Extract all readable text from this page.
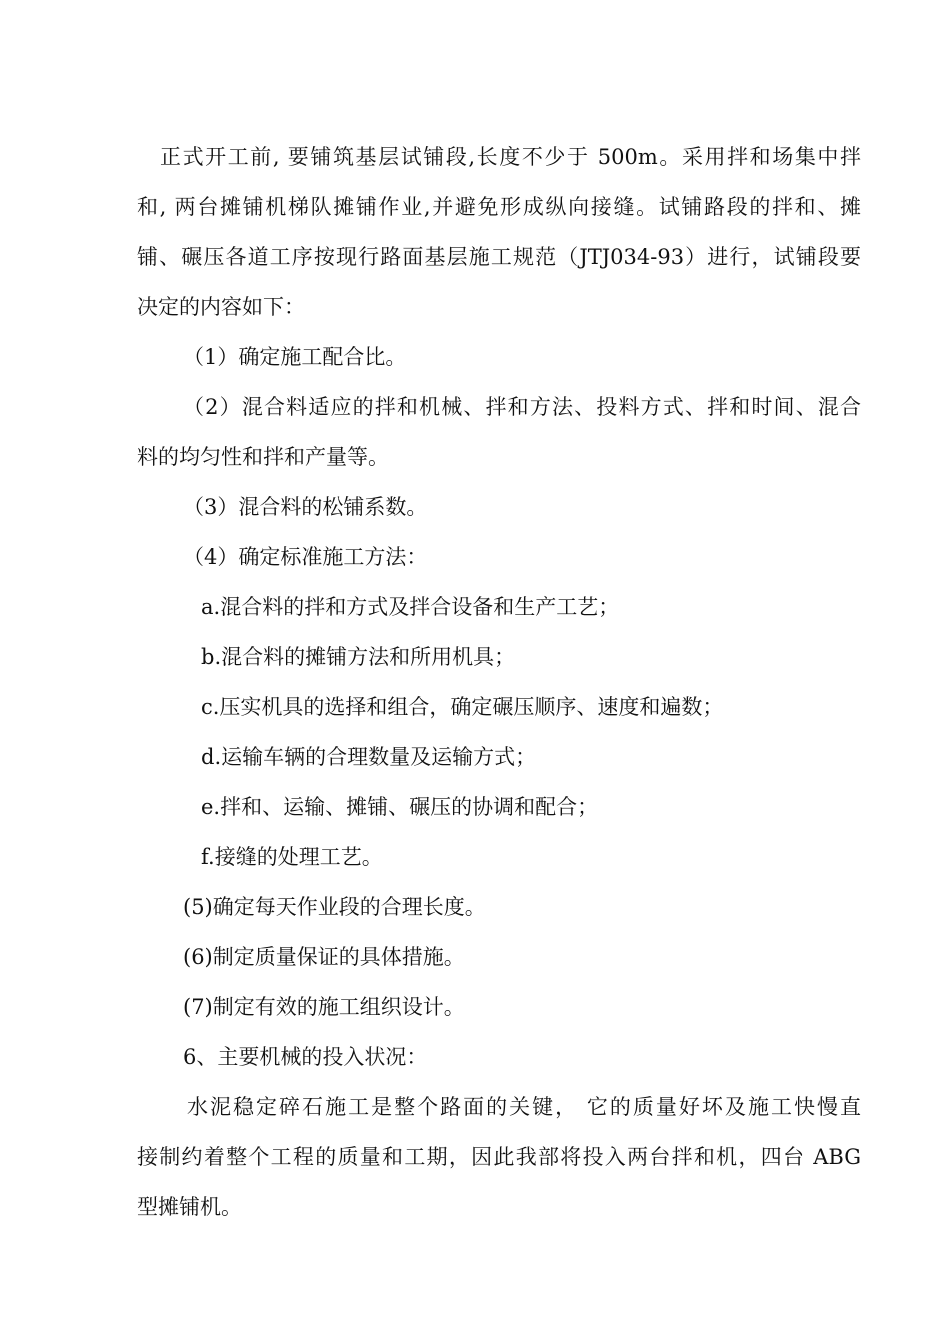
正式开工前, 要铺筑基层试铺段,长度不少于 500m。采用拌和场集中拌
和, 两台摊铺机梯队摊铺作业,并避免形成纵向接缝。试铺路段的拌和、摊
铺、碾压各道工序按现行路面基层施工规范（JTJ034-93）进行，试铺段要
决定的内容如下：
（1）确定施工配合比。
（2）混合料适应的拌和机械、拌和方法、投料方式、拌和时间、混合
料的均匀性和拌和产量等。
（3）混合料的松铺系数。
（4）确定标准施工方法：
a.混合料的拌和方式及拌合设备和生产工艺；
b.混合料的摊铺方法和所用机具；
c.压实机具的选择和组合，确定碾压顺序、速度和遍数；
d.运输车辆的合理数量及运输方式；
e.拌和、运输、摊铺、碾压的协调和配合；
f.接缝的处理工艺。
(5)确定每天作业段的合理长度。
(6)制定质量保证的具体措施。
(7)制定有效的施工组织设计。
6、主要机械的投入状况：
水泥稳定碎石施工是整个路面的关键， 它的质量好坏及施工快慢直
接制约着整个工程的质量和工期，因此我部将投入两台拌和机，四台 ABG
型摊铺机。
